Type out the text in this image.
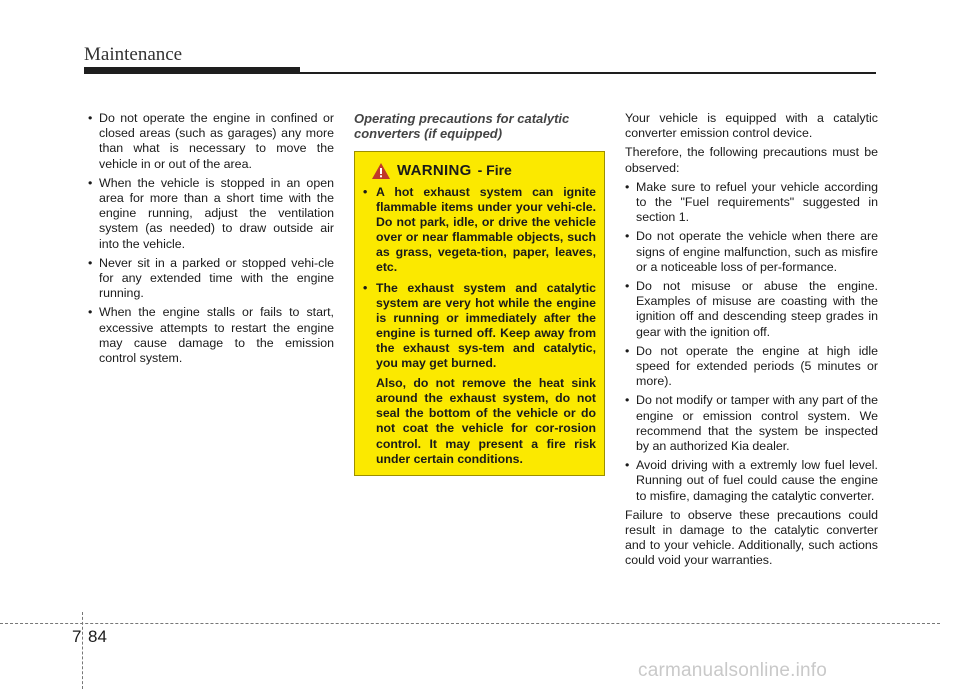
Maintenance
• Do not operate the engine in confined or closed areas (such as garages) any more than what is necessary to move the vehicle in or out of the area.
• When the vehicle is stopped in an open area for more than a short time with the engine running, adjust the ventilation system (as needed) to draw outside air into the vehicle.
• Never sit in a parked or stopped vehi-cle for any extended time with the engine running.
• When the engine stalls or fails to start, excessive attempts to restart the engine may cause damage to the emission control system.
Operating precautions for catalytic converters (if equipped)
WARNING - Fire
• A hot exhaust system can ignite flammable items under your vehi-cle. Do not park, idle, or drive the vehicle over or near flammable objects, such as grass, vegeta-tion, paper, leaves, etc.
• The exhaust system and catalytic system are very hot while the engine is running or immediately after the engine is turned off. Keep away from the exhaust sys-tem and catalytic, you may get burned.

Also, do not remove the heat sink around the exhaust system, do not seal the bottom of the vehicle or do not coat the vehicle for cor-rosion control. It may present a fire risk under certain conditions.

Your vehicle is equipped with a catalytic converter emission control device.

Therefore, the following precautions must be observed:

• Make sure to refuel your vehicle according to the "Fuel requirements" suggested in section 1.
• Do not operate the vehicle when there are signs of engine malfunction, such as misfire or a noticeable loss of per-formance.
• Do not misuse or abuse the engine. Examples of misuse are coasting with the ignition off and descending steep grades in gear with the ignition off.
• Do not operate the engine at high idle speed for extended periods (5 minutes or more).
• Do not modify or tamper with any part of the engine or emission control system. We recommend that the system be inspected by an authorized Kia dealer.
• Avoid driving with a extremly low fuel level. Running out of fuel could cause the engine to misfire, damaging the catalytic converter.

Failure to observe these precautions could result in damage to the catalytic converter and to your vehicle. Additionally, such actions could void your warranties.

7 84
carmanualsonline.info
